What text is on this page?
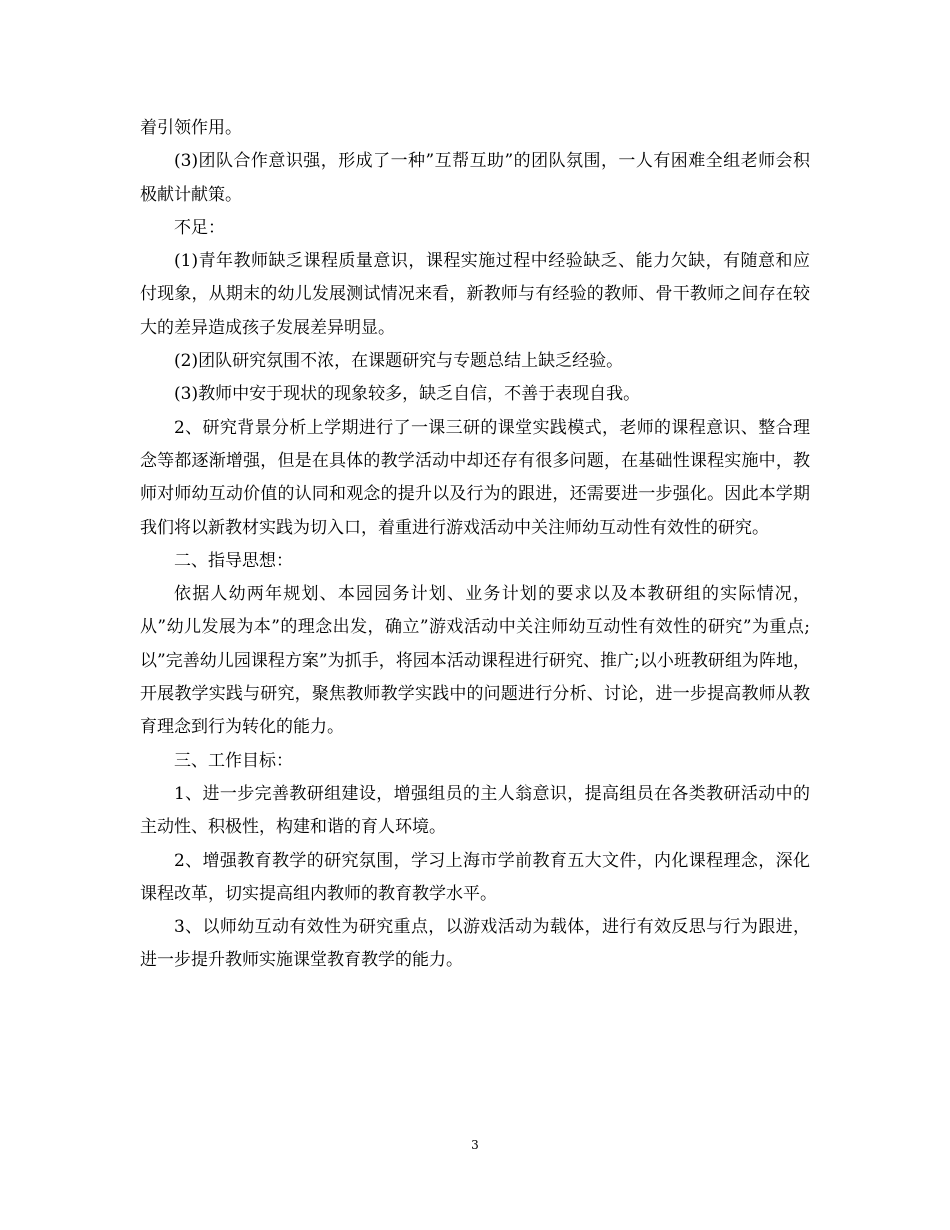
着引领作用。

(3)团队合作意识强，形成了一种”互帮互助”的团队氛围，一人有困难全组老师会积极献计献策。

不足：

(1)青年教师缺乏课程质量意识，课程实施过程中经验缺乏、能力欠缺，有随意和应付现象，从期末的幼儿发展测试情况来看，新教师与有经验的教师、骨干教师之间存在较大的差异造成孩子发展差异明显。

(2)团队研究氛围不浓，在课题研究与专题总结上缺乏经验。

(3)教师中安于现状的现象较多，缺乏自信，不善于表现自我。

2、研究背景分析上学期进行了一课三研的课堂实践模式，老师的课程意识、整合理念等都逐渐增强，但是在具体的教学活动中却还存有很多问题，在基础性课程实施中，教师对师幼互动价值的认同和观念的提升以及行为的跟进，还需要进一步强化。因此本学期我们将以新教材实践为切入口，着重进行游戏活动中关注师幼互动性有效性的研究。

二、指导思想：

依据人幼两年规划、本园园务计划、业务计划的要求以及本教研组的实际情况，从”幼儿发展为本”的理念出发，确立”游戏活动中关注师幼互动性有效性的研究”为重点;以”完善幼儿园课程方案”为抓手，将园本活动课程进行研究、推广;以小班教研组为阵地，开展教学实践与研究，聚焦教师教学实践中的问题进行分析、讨论，进一步提高教师从教育理念到行为转化的能力。

三、工作目标：

1、进一步完善教研组建设，增强组员的主人翁意识，提高组员在各类教研活动中的主动性、积极性，构建和谐的育人环境。

2、增强教育教学的研究氛围，学习上海市学前教育五大文件，内化课程理念，深化课程改革，切实提高组内教师的教育教学水平。

3、以师幼互动有效性为研究重点，以游戏活动为载体，进行有效反思与行为跟进，进一步提升教师实施课堂教育教学的能力。

3
